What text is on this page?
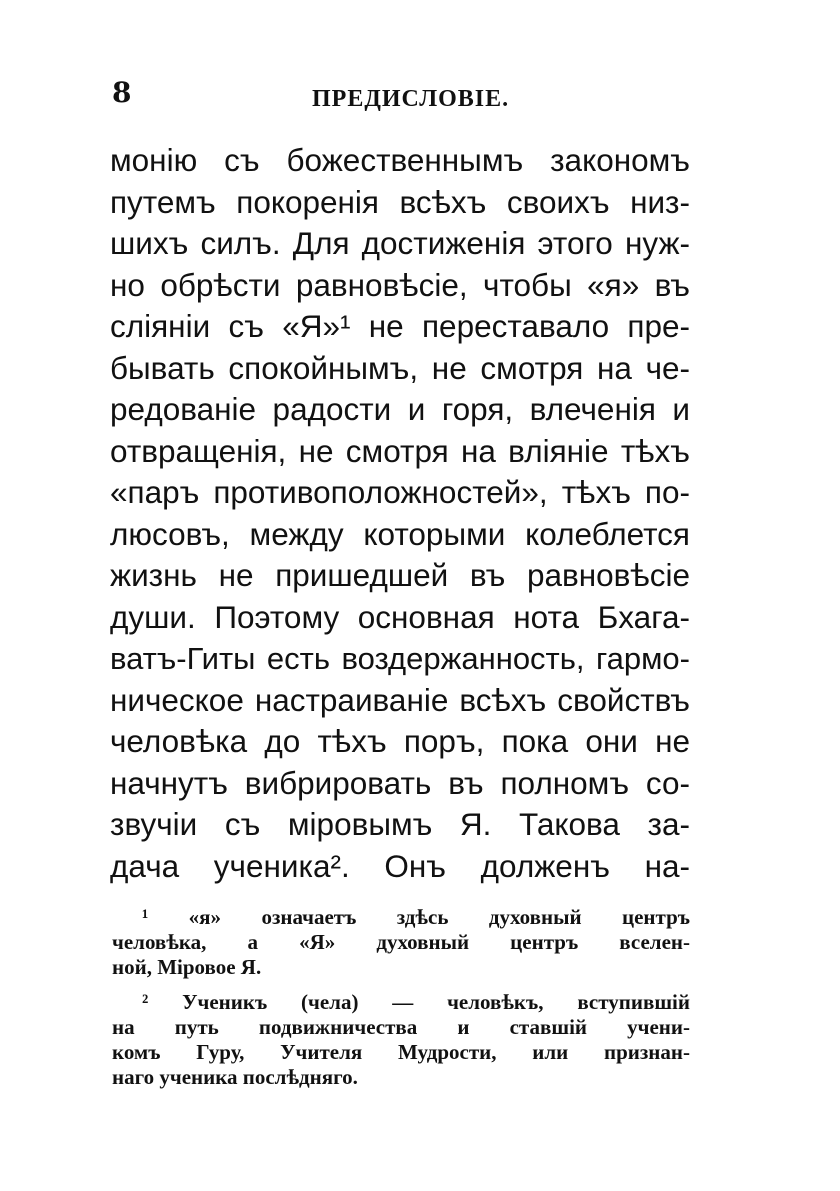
8	ПРЕДИСЛОВІЕ.
монію съ божественнымъ закономъ
путемъ покоренія всѣхъ своихъ низ-
шихъ силъ. Для достиженія этого нуж-
но обрѣсти равновѣсіе, чтобы «я» въ
сліяніи съ «Я»¹ не переставало пре-
бывать спокойнымъ, не смотря на че-
редованіе радости и горя, влеченія и
отвращенія, не смотря на вліяніе тѣхъ
«паръ противоположностей», тѣхъ по-
люсовъ, между которыми колеблется
жизнь не пришедшей въ равновѣсіе
души. Поэтому основная нота Бхага-
ватъ-Гиты есть воздержанность, гармо-
ническое настраиваніе всѣхъ свойствъ
человѣка до тѣхъ поръ, пока они не
начнутъ вибрировать въ полномъ со-
звучіи съ міровымъ Я. Такова за-
дача ученика². Онъ долженъ на-
¹ «я» означаетъ здѣсь духовный центръ
человѣка, а «Я» духовный центръ вселен-
ной, Міровое Я.
² Ученикъ (чела) — человѣкъ, вступившій
на путь подвижничества и ставшій учени-
комъ Гуру, Учителя Мудрости, или признан-
наго ученика послѣдняго.
